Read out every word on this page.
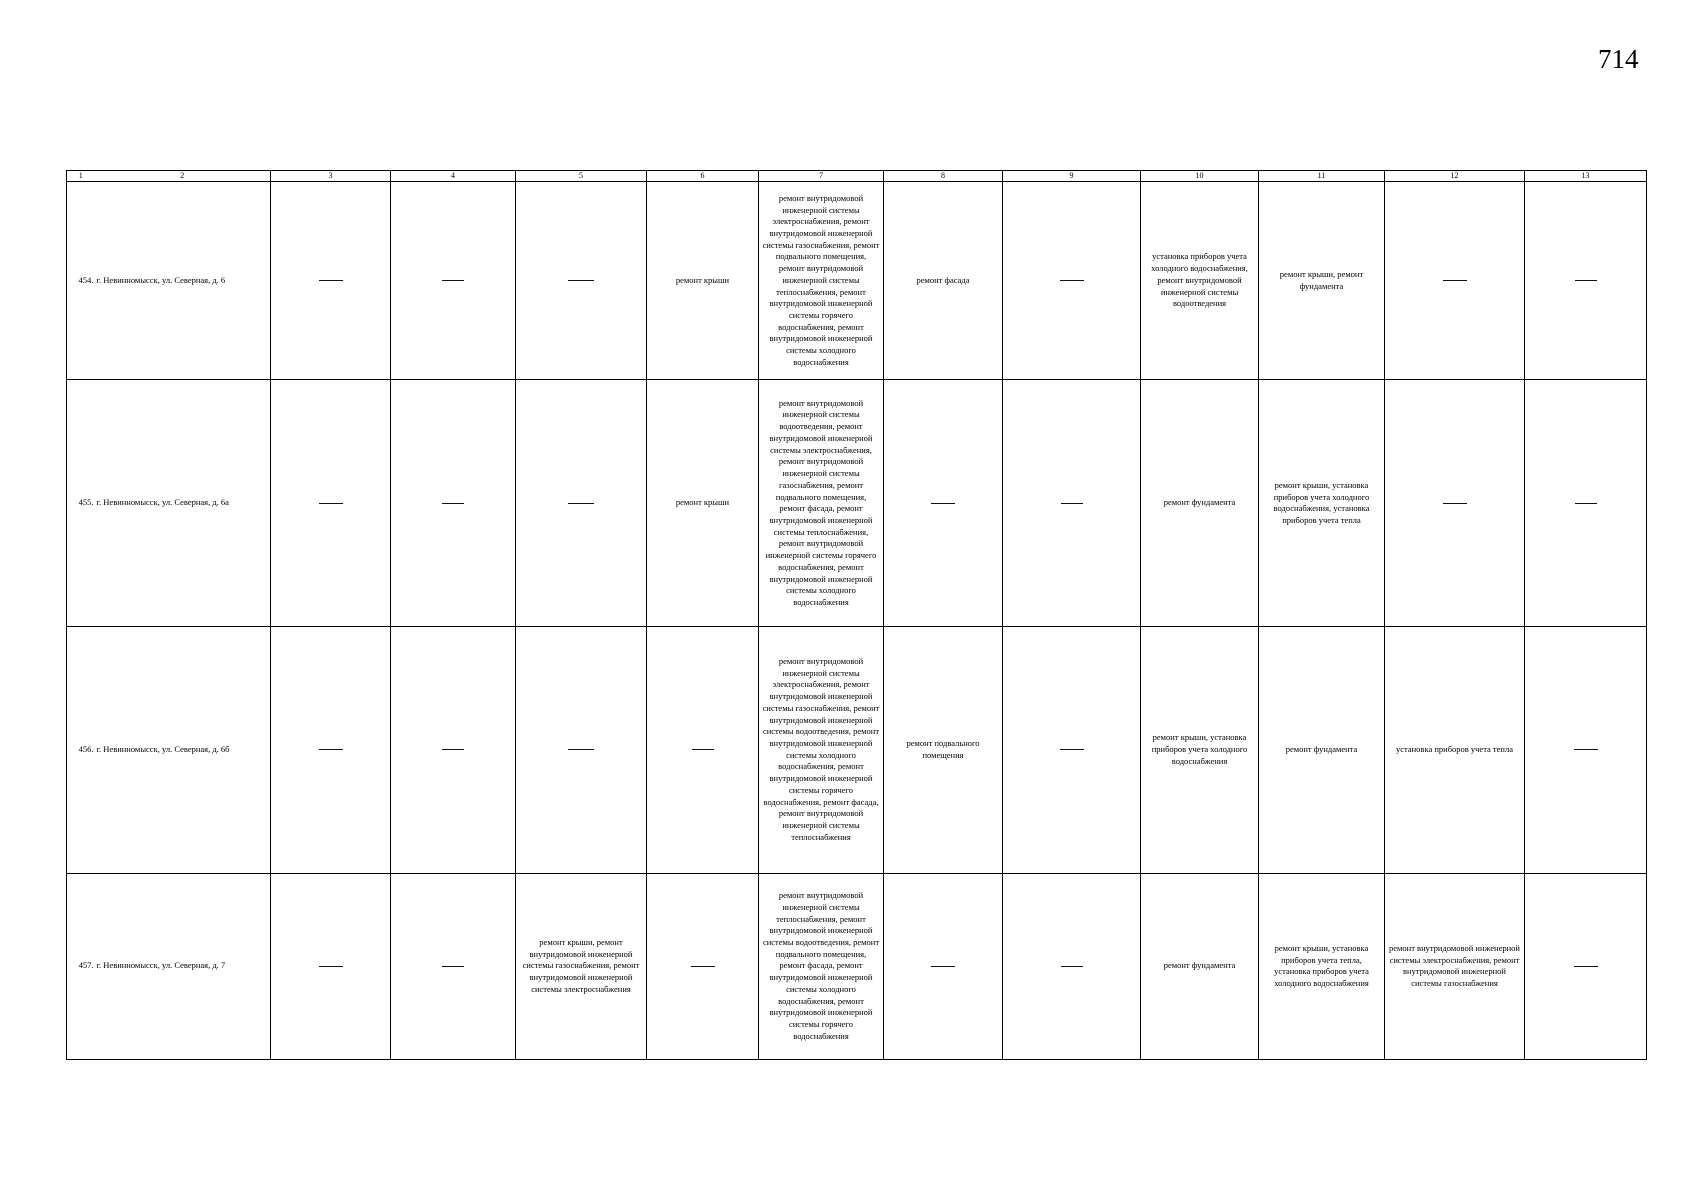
714
1	2	3	4	5	6	7	8	9	10	11	12	13
454.	г. Невинномысск, ул. Северная, д. 6				ремонт крыши	ремонт внутридомовой инженерной системы электроснабжения, ремонт внутридомовой инженерной системы газоснабжения, ремонт подвального помещения, ремонт внутридомовой инженерной системы теплоснабжения, ремонт внутридомовой инженерной системы горячего водоснабжения, ремонт внутридомовой инженерной системы холодного водоснабжения	ремонт фасада		установка приборов учета холодного водоснабжения, ремонт внутридомовой инженерной системы водоотведения	ремонт крыши, ремонт фундамента		
455.	г. Невинномысск, ул. Северная, д. 6а				ремонт крыши	ремонт внутридомовой инженерной системы водоотведения, ремонт внутридомовой инженерной системы электроснабжения, ремонт внутридомовой инженерной системы газоснабжения, ремонт подвального помещения, ремонт фасада, ремонт внутридомовой инженерной системы теплоснабжения, ремонт внутридомовой инженерной системы горячего водоснабжения, ремонт внутридомовой инженерной системы холодного водоснабжения			ремонт фундамента	ремонт крыши, установка приборов учета холодного водоснабжения, установка приборов учета тепла		
456.	г. Невинномысск, ул. Северная, д. 6б					ремонт внутридомовой инженерной системы электроснабжения, ремонт внутридомовой инженерной системы газоснабжения, ремонт внутридомовой инженерной системы водоотведения, ремонт внутридомовой инженерной системы холодного водоснабжения, ремонт внутридомовой инженерной системы горячего водоснабжения, ремонт фасада, ремонт внутридомовой инженерной системы теплоснабжения	ремонт подвального помещения		ремонт крыши, установка приборов учета холодного водоснабжения	ремонт фундамента	установка приборов учета тепла	
457.	г. Невинномысск, ул. Северная, д. 7			ремонт крыши, ремонт внутридомовой инженерной системы газоснабжения, ремонт внутридомовой инженерной системы электроснабжения		ремонт внутридомовой инженерной системы теплоснабжения, ремонт внутридомовой инженерной системы водоотведения, ремонт подвального помещения, ремонт фасада, ремонт внутридомовой инженерной системы холодного водоснабжения, ремонт внутридомовой инженерной системы горячего водоснабжения			ремонт фундамента	ремонт крыши, установка приборов учета тепла, установка приборов учета холодного водоснабжения	ремонт внутридомовой инженерной системы электроснабжения, ремонт внутридомовой инженерной системы газоснабжения	
